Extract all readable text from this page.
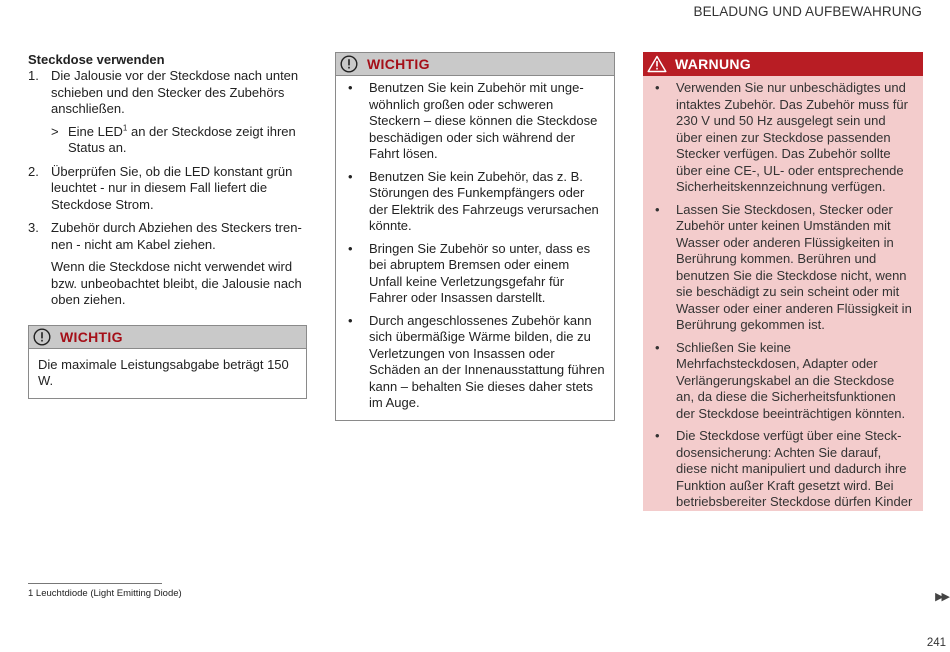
BELADUNG UND AUFBEWAHRUNG
Steckdose verwenden
1. Die Jalousie vor der Steckdose nach unten schieben und den Stecker des Zubehörs anschließen.
> Eine LED$^1$ an der Steckdose zeigt ihren Status an.
2. Überprüfen Sie, ob die LED konstant grün leuchtet - nur in diesem Fall liefert die Steckdose Strom.
3. Zubehör durch Abziehen des Steckers trennen - nicht am Kabel ziehen.
Wenn die Steckdose nicht verwendet wird bzw. unbeobachtet bleibt, die Jalousie nach oben ziehen.
WICHTIG
Die maximale Leistungsabgabe beträgt 150 W.
WICHTIG
• Benutzen Sie kein Zubehör mit ungewöhnlich großen oder schweren Steckern – diese können die Steckdose beschädigen oder sich während der Fahrt lösen.
• Benutzen Sie kein Zubehör, das z. B. Störungen des Funkempfängers oder der Elektrik des Fahrzeugs verursachen könnte.
• Bringen Sie Zubehör so unter, dass es bei abruptem Bremsen oder einem Unfall keine Verletzungsgefahr für Fahrer oder Insassen darstellt.
• Durch angeschlossenes Zubehör kann sich übermäßige Wärme bilden, die zu Verletzungen von Insassen oder Schäden an der Innenausstattung führen kann – behalten Sie dieses daher stets im Auge.
WARNUNG
• Verwenden Sie nur unbeschädigtes und intaktes Zubehör. Das Zubehör muss für 230 V und 50 Hz ausgelegt sein und über einen zur Steckdose passenden Stecker verfügen. Das Zubehör sollte über eine CE-, UL- oder entsprechende Sicherheitskennzeichnung verfügen.
• Lassen Sie Steckdosen, Stecker oder Zubehör unter keinen Umständen mit Wasser oder anderen Flüssigkeiten in Berührung kommen. Berühren und benutzen Sie die Steckdose nicht, wenn sie beschädigt zu sein scheint oder mit Wasser oder einer anderen Flüssigkeit in Berührung gekommen ist.
• Schließen Sie keine Mehrfachsteckdosen, Adapter oder Verlängerungskabel an die Steckdose an, da diese die Sicherheitsfunktionen der Steckdose beeinträchtigen könnten.
• Die Steckdose verfügt über eine Steckdosensicherung: Achten Sie darauf, diese nicht manipuliert und dadurch ihre Funktion außer Kraft gesetzt wird. Bei betriebsbereiter Steckdose dürfen Kinder
1 Leuchtdiode (Light Emitting Diode)	▶▶
241
